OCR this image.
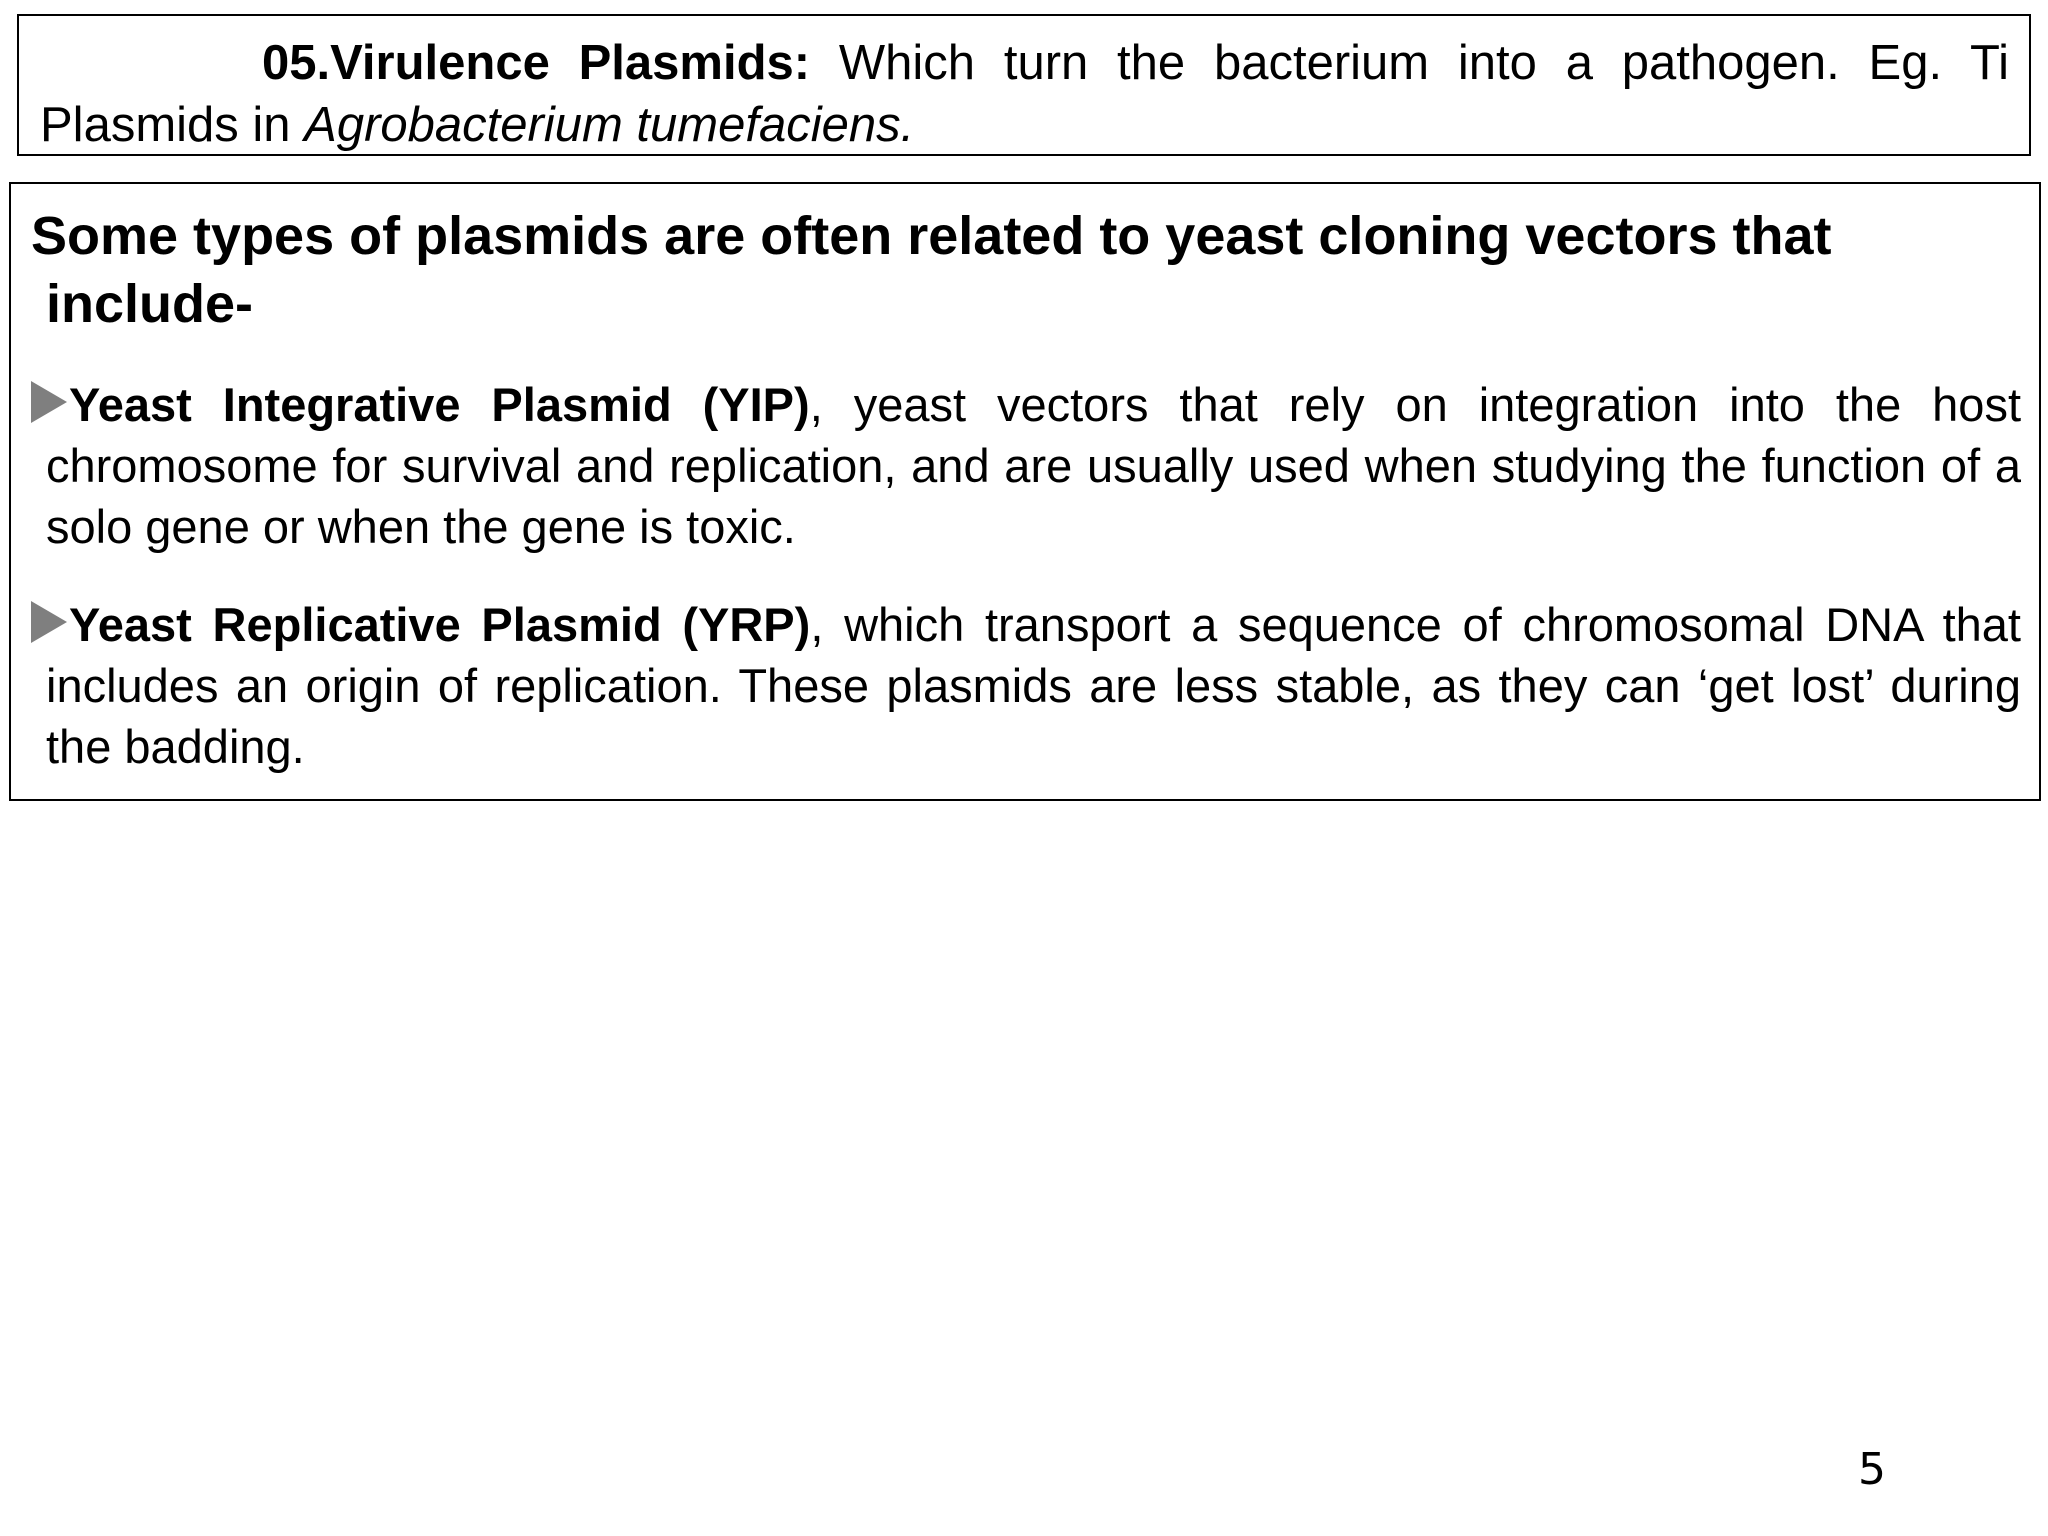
05.Virulence Plasmids: Which turn the bacterium into a pathogen. Eg. Ti Plasmids in Agrobacterium tumefaciens.
Some types of plasmids are often related to yeast cloning vectors that
include-
Yeast Integrative Plasmid (YIP), yeast vectors that rely on integration into the host chromosome for survival and replication, and are usually used when studying the function of a solo gene or when the gene is toxic.
Yeast Replicative Plasmid (YRP), which transport a sequence of chromosomal DNA that includes an origin of replication. These plasmids are less stable, as they can ‘get lost’ during the badding.
5
